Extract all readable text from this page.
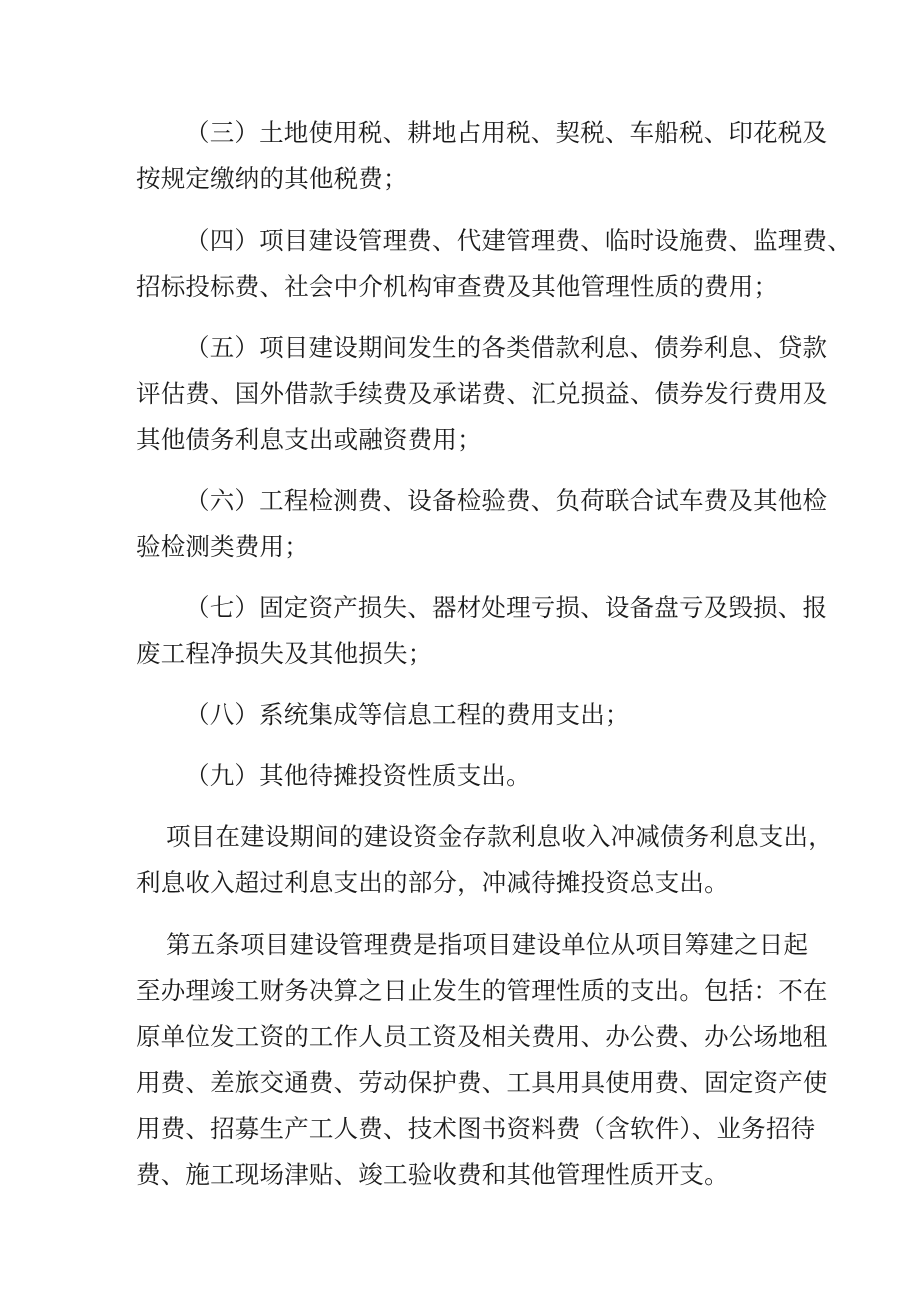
（三）土地使用税、耕地占用税、契税、车船税、印花税及
按规定缴纳的其他税费；

（四）项目建设管理费、代建管理费、临时设施费、监理费、
招标投标费、社会中介机构审查费及其他管理性质的费用；

（五）项目建设期间发生的各类借款利息、债券利息、贷款
评估费、国外借款手续费及承诺费、汇兑损益、债券发行费用及
其他债务利息支出或融资费用；

（六）工程检测费、设备检验费、负荷联合试车费及其他检
验检测类费用；

（七）固定资产损失、器材处理亏损、设备盘亏及毁损、报
废工程净损失及其他损失；

（八）系统集成等信息工程的费用支出；

（九）其他待摊投资性质支出。

项目在建设期间的建设资金存款利息收入冲减债务利息支出，
利息收入超过利息支出的部分，冲减待摊投资总支出。

第五条项目建设管理费是指项目建设单位从项目筹建之日起
至办理竣工财务决算之日止发生的管理性质的支出。包括：不在
原单位发工资的工作人员工资及相关费用、办公费、办公场地租
用费、差旅交通费、劳动保护费、工具用具使用费、固定资产使
用费、招募生产工人费、技术图书资料费（含软件）、业务招待
费、施工现场津贴、竣工验收费和其他管理性质开支。
